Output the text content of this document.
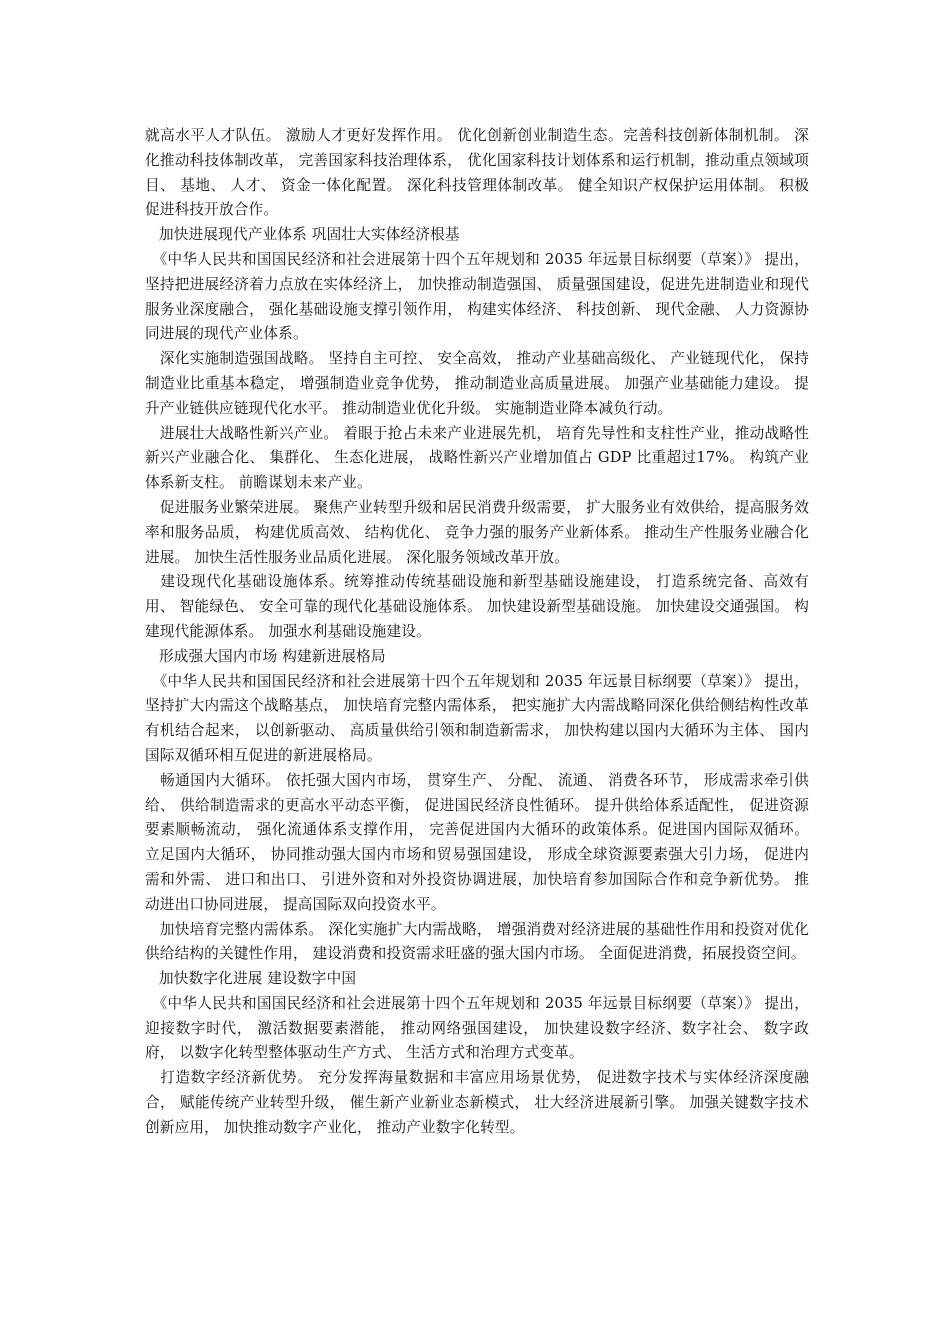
就高水平人才队伍。 激励人才更好发挥作用。 优化创新创业制造生态。完善科技创新体制机制。 深化推动科技体制改革， 完善国家科技治理体系， 优化国家科技计划体系和运行机制，推动重点领域项目、 基地、 人才、 资金一体化配置。 深化科技管理体制改革。 健全知识产权保护运用体制。 积极促进科技开放合作。

加快进展现代产业体系 巩固壮大实体经济根基

　《中华人民共和国国民经济和社会进展第十四个五年规划和 2035 年远景目标纲要（草案）》 提出， 坚持把进展经济着力点放在实体经济上， 加快推动制造强国、 质量强国建设，促进先进制造业和现代服务业深度融合， 强化基础设施支撑引领作用， 构建实体经济、 科技创新、 现代金融、 人力资源协同进展的现代产业体系。

　深化实施制造强国战略。 坚持自主可控、 安全高效， 推动产业基础高级化、 产业链现代化， 保持制造业比重基本稳定， 增强制造业竞争优势， 推动制造业高质量进展。 加强产业基础能力建设。 提升产业链供应链现代化水平。 推动制造业优化升级。 实施制造业降本减负行动。

　进展壮大战略性新兴产业。 着眼于抢占未来产业进展先机， 培育先导性和支柱性产业，推动战略性新兴产业融合化、 集群化、 生态化进展， 战略性新兴产业增加值占 GDP 比重超过17%。 构筑产业体系新支柱。 前瞻谋划未来产业。

　促进服务业繁荣进展。 聚焦产业转型升级和居民消费升级需要， 扩大服务业有效供给，提高服务效率和服务品质， 构建优质高效、 结构优化、 竞争力强的服务产业新体系。 推动生产性服务业融合化进展。 加快生活性服务业品质化进展。 深化服务领域改革开放。

　建设现代化基础设施体系。统筹推动传统基础设施和新型基础设施建设， 打造系统完备、高效有用、 智能绿色、 安全可靠的现代化基础设施体系。 加快建设新型基础设施。 加快建设交通强国。 构建现代能源体系。 加强水利基础设施建设。

形成强大国内市场 构建新进展格局

　《中华人民共和国国民经济和社会进展第十四个五年规划和 2035 年远景目标纲要（草案）》 提出， 坚持扩大内需这个战略基点， 加快培育完整内需体系， 把实施扩大内需战略同深化供给侧结构性改革有机结合起来， 以创新驱动、 高质量供给引领和制造新需求， 加快构建以国内大循环为主体、 国内国际双循环相互促进的新进展格局。

　畅通国内大循环。 依托强大国内市场， 贯穿生产、 分配、 流通、 消费各环节， 形成需求牵引供给、 供给制造需求的更高水平动态平衡， 促进国民经济良性循环。 提升供给体系适配性， 促进资源要素顺畅流动， 强化流通体系支撑作用， 完善促进国内大循环的政策体系。促进国内国际双循环。 立足国内大循环， 协同推动强大国内市场和贸易强国建设， 形成全球资源要素强大引力场， 促进内需和外需、 进口和出口、 引进外资和对外投资协调进展，加快培育参加国际合作和竞争新优势。 推动进出口协同进展， 提高国际双向投资水平。

　加快培育完整内需体系。 深化实施扩大内需战略， 增强消费对经济进展的基础性作用和投资对优化供给结构的关键性作用， 建设消费和投资需求旺盛的强大国内市场。 全面促进消费，拓展投资空间。

加快数字化进展 建设数字中国

　《中华人民共和国国民经济和社会进展第十四个五年规划和 2035 年远景目标纲要（草案）》 提出， 迎接数字时代， 激活数据要素潜能， 推动网络强国建设， 加快建设数字经济、数字社会、 数字政府， 以数字化转型整体驱动生产方式、 生活方式和治理方式变革。

　打造数字经济新优势。 充分发挥海量数据和丰富应用场景优势， 促进数字技术与实体经济深度融合， 赋能传统产业转型升级， 催生新产业新业态新模式， 壮大经济进展新引擎。 加强关键数字技术创新应用， 加快推动数字产业化， 推动产业数字化转型。
